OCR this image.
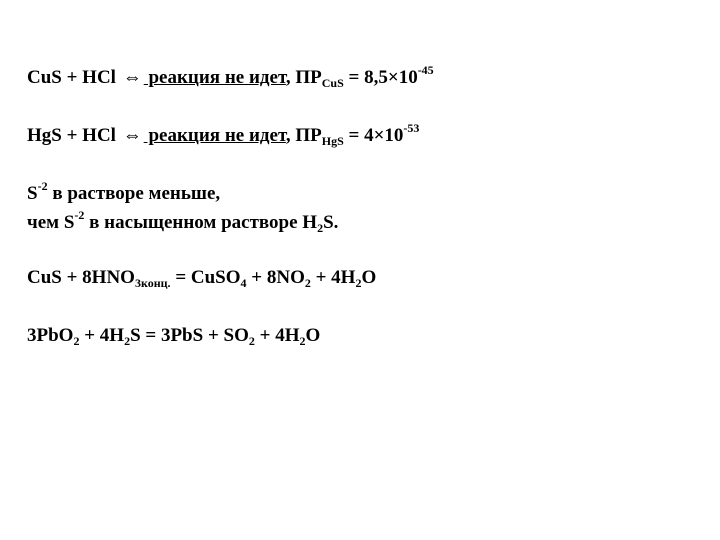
CuS + HCl ⇔ реакция не идет, $ПР_{CuS} = 8,5\times 10^{-45}$
HgS + HCl ⇔ реакция не идет, $ПР_{HgS} = 4\times 10^{-53}$
$S^{-2}$ в растворе меньше,
чем $S^{-2}$ в насыщенном растворе $H_2S$.
CuS + $8HNO_{3конц.}$ = CuSO$_4$ + $8NO_2 + 4H_2O$
$3PbO_2 + 4H_2S = 3PbS + SO_2 + 4H_2O$
